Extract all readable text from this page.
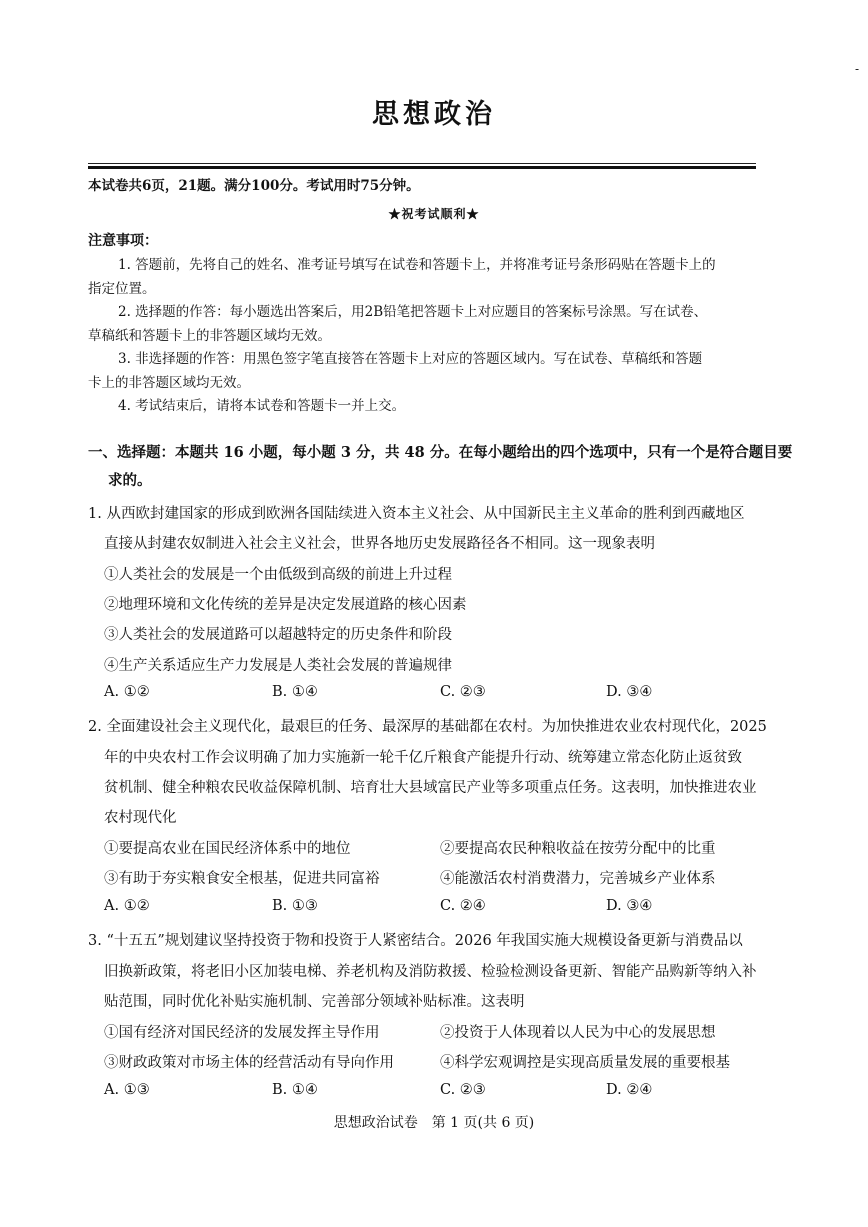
-
思想政治
本试卷共6页，21题。满分100分。考试用时75分钟。
★祝考试顺利★
注意事项：
1. 答题前，先将自己的姓名、准考证号填写在试卷和答题卡上，并将准考证号条形码贴在答题卡上的
指定位置。
2. 选择题的作答：每小题选出答案后，用2B铅笔把答题卡上对应题目的答案标号涂黑。写在试卷、
草稿纸和答题卡上的非答题区域均无效。
3. 非选择题的作答：用黑色签字笔直接答在答题卡上对应的答题区域内。写在试卷、草稿纸和答题
卡上的非答题区域均无效。
4. 考试结束后，请将本试卷和答题卡一并上交。
一、选择题：本题共 16 小题，每小题 3 分，共 48 分。在每小题给出的四个选项中，只有一个是符合题目要
求的。
1. 从西欧封建国家的形成到欧洲各国陆续进入资本主义社会、从中国新民主主义革命的胜利到西藏地区
直接从封建农奴制进入社会主义社会，世界各地历史发展路径各不相同。这一现象表明
①人类社会的发展是一个由低级到高级的前进上升过程
②地理环境和文化传统的差异是决定发展道路的核心因素
③人类社会的发展道路可以超越特定的历史条件和阶段
④生产关系适应生产力发展是人类社会发展的普遍规律
A. ①②	B. ①④	C. ②③	D. ③④
2. 全面建设社会主义现代化，最艰巨的任务、最深厚的基础都在农村。为加快推进农业农村现代化，2025
年的中央农村工作会议明确了加力实施新一轮千亿斤粮食产能提升行动、统筹建立常态化防止返贫致
贫机制、健全种粮农民收益保障机制、培育壮大县域富民产业等多项重点任务。这表明，加快推进农业
农村现代化
①要提高农业在国民经济体系中的地位	②要提高农民种粮收益在按劳分配中的比重
③有助于夯实粮食安全根基，促进共同富裕	④能激活农村消费潜力，完善城乡产业体系
A. ①②	B. ①③	C. ②④	D. ③④
3. “十五五”规划建议坚持投资于物和投资于人紧密结合。2026 年我国实施大规模设备更新与消费品以
旧换新政策，将老旧小区加装电梯、养老机构及消防救援、检验检测设备更新、智能产品购新等纳入补
贴范围，同时优化补贴实施机制、完善部分领域补贴标准。这表明
①国有经济对国民经济的发展发挥主导作用	②投资于人体现着以人民为中心的发展思想
③财政政策对市场主体的经营活动有导向作用	④科学宏观调控是实现高质量发展的重要根基
A. ①③	B. ①④	C. ②③	D. ②④
思想政治试卷　第 1 页(共 6 页)
